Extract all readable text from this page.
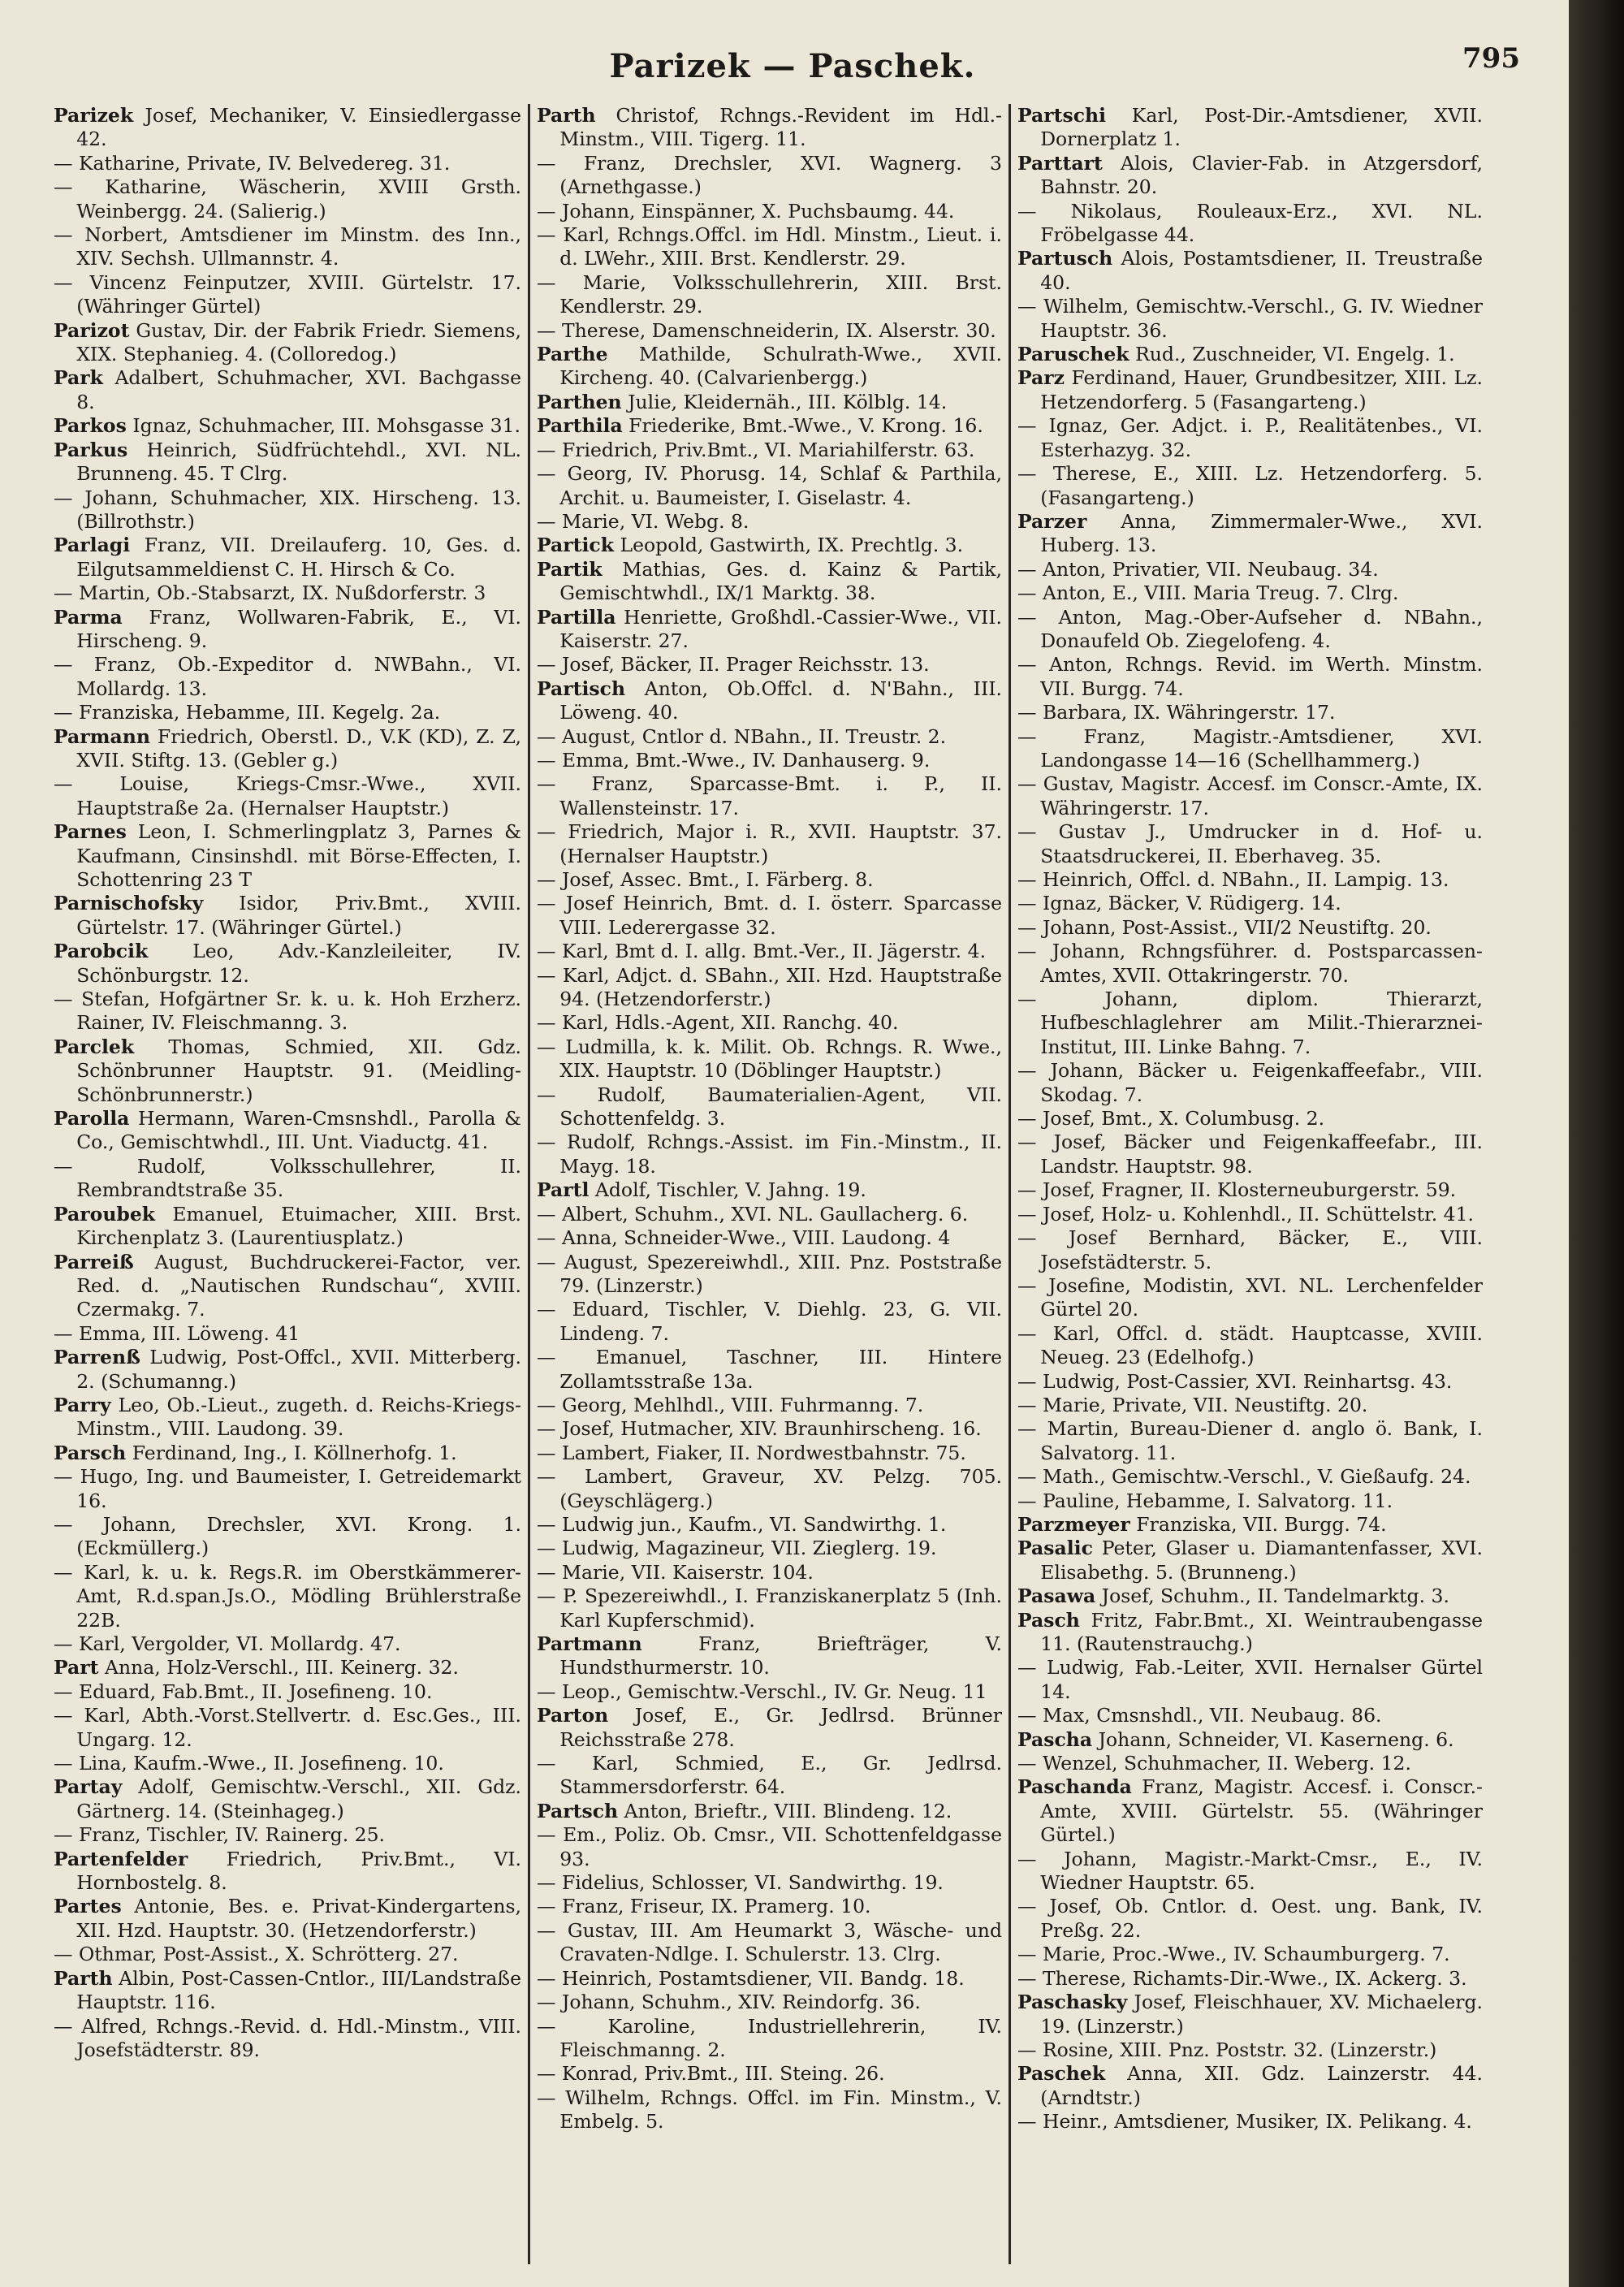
Parizek — Paschek.	795

Parizek Josef, Mechaniker, V. Einsiedlergasse 42.

— Katharine, Private, IV. Belvedereg. 31.

— Katharine, Wäscherin, XVIII Grsth. Weinbergg. 24. (Salierig.)

— Norbert, Amtsdiener im Minstm. des Inn., XIV. Sechsh. Ullmannstr. 4.

— Vincenz Feinputzer, XVIII. Gürtelstr. 17. (Währinger Gürtel)

Parizot Gustav, Dir. der Fabrik Friedr. Siemens, XIX. Stephanieg. 4. (Colloredog.)

Park Adalbert, Schuhmacher, XVI. Bachgasse 8.

Parkos Ignaz, Schuhmacher, III. Mohsgasse 31.

Parkus Heinrich, Südfrüchtehdl., XVI. NL. Brunneng. 45. T Clrg.

— Johann, Schuhmacher, XIX. Hirscheng. 13. (Billrothstr.)

Parlagi Franz, VII. Dreilauferg. 10, Ges. d. Eilgutsammeldienst C. H. Hirsch & Co.

— Martin, Ob.-Stabsarzt, IX. Nußdorferstr. 3

Parma Franz, Wollwaren-Fabrik, E., VI. Hirscheng. 9.

— Franz, Ob.-Expeditor d. NWBahn., VI. Mollardg. 13.

— Franziska, Hebamme, III. Kegelg. 2a.

Parmann Friedrich, Oberstl. D., V.K (KD), Z. Z, XVII. Stiftg. 13. (Gebler g.)

— Louise, Kriegs-Cmsr.-Wwe., XVII. Hauptstraße 2a. (Hernalser Hauptstr.)

Parnes Leon, I. Schmerlingplatz 3, Parnes & Kaufmann, Cinsinshdl. mit Börse-Effecten, I. Schottenring 23 T

Parnischofsky Isidor, Priv.Bmt., XVIII. Gürtelstr. 17. (Währinger Gürtel.)

Parobcik Leo, Adv.-Kanzleileiter, IV. Schönburgstr. 12.

— Stefan, Hofgärtner Sr. k. u. k. Hoh Erzherz. Rainer, IV. Fleischmanng. 3.

Parclek Thomas, Schmied, XII. Gdz. Schönbrunner Hauptstr. 91. (Meidling-Schönbrunnerstr.)

Parolla Hermann, Waren-Cmsnshdl., Parolla & Co., Gemischtwhdl., III. Unt. Viaductg. 41.

— Rudolf, Volksschullehrer, II. Rembrandtstraße 35.

Paroubek Emanuel, Etuimacher, XIII. Brst. Kirchenplatz 3. (Laurentiusplatz.)

Parreiß August, Buchdruckerei-Factor, ver. Red. d. „Nautischen Rundschau“, XVIII. Czermakg. 7.

— Emma, III. Löweng. 41

Parrenß Ludwig, Post-Offcl., XVII. Mitterberg. 2. (Schumanng.)

Parry Leo, Ob.-Lieut., zugeth. d. Reichs-Kriegs-Minstm., VIII. Laudong. 39.

Parsch Ferdinand, Ing., I. Köllnerhofg. 1.

— Hugo, Ing. und Baumeister, I. Getreidemarkt 16.

— Johann, Drechsler, XVI. Krong. 1. (Eckmüllerg.)

— Karl, k. u. k. Regs.R. im Oberstkämmerer-Amt, R.d.span.Js.O., Mödling Brühlerstraße 22B.

— Karl, Vergolder, VI. Mollardg. 47.

Part Anna, Holz-Verschl., III. Keinerg. 32.

— Eduard, Fab.Bmt., II. Josefineng. 10.

— Karl, Abth.-Vorst.Stellvertr. d. Esc.Ges., III. Ungarg. 12.

— Lina, Kaufm.-Wwe., II. Josefineng. 10.

Partay Adolf, Gemischtw.-Verschl., XII. Gdz. Gärtnerg. 14. (Steinhageg.)

— Franz, Tischler, IV. Rainerg. 25.

Partenfelder Friedrich, Priv.Bmt., VI. Hornbostelg. 8.

Partes Antonie, Bes. e. Privat-Kindergartens, XII. Hzd. Hauptstr. 30. (Hetzendorferstr.)

— Othmar, Post-Assist., X. Schrötterg. 27.

Parth Albin, Post-Cassen-Cntlor., III/Landstraße Hauptstr. 116.

— Alfred, Rchngs.-Revid. d. Hdl.-Minstm., VIII. Josefstädterstr. 89.

Parth Christof, Rchngs.-Revident im Hdl.-Minstm., VIII. Tigerg. 11.

— Franz, Drechsler, XVI. Wagnerg. 3 (Arnethgasse.)

— Johann, Einspänner, X. Puchsbaumg. 44.

— Karl, Rchngs.Offcl. im Hdl. Minstm., Lieut. i. d. LWehr., XIII. Brst. Kendlerstr. 29.

— Marie, Volksschullehrerin, XIII. Brst. Kendlerstr. 29.

— Therese, Damenschneiderin, IX. Alserstr. 30.

Parthe Mathilde, Schulrath-Wwe., XVII. Kircheng. 40. (Calvarienbergg.)

Parthen Julie, Kleidernäh., III. Kölblg. 14.

Parthila Friederike, Bmt.-Wwe., V. Krong. 16.

— Friedrich, Priv.Bmt., VI. Mariahilferstr. 63.

— Georg, IV. Phorusg. 14, Schlaf & Parthila, Archit. u. Baumeister, I. Giselastr. 4.

— Marie, VI. Webg. 8.

Partick Leopold, Gastwirth, IX. Prechtlg. 3.

Partik Mathias, Ges. d. Kainz & Partik, Gemischtwhdl., IX/1 Marktg. 38.

Partilla Henriette, Großhdl.-Cassier-Wwe., VII. Kaiserstr. 27.

— Josef, Bäcker, II. Prager Reichsstr. 13.

Partisch Anton, Ob.Offcl. d. N'Bahn., III. Löweng. 40.

— August, Cntlor d. NBahn., II. Treustr. 2.

— Emma, Bmt.-Wwe., IV. Danhauserg. 9.

— Franz, Sparcasse-Bmt. i. P., II. Wallensteinstr. 17.

— Friedrich, Major i. R., XVII. Hauptstr. 37. (Hernalser Hauptstr.)

— Josef, Assec. Bmt., I. Färberg. 8.

— Josef Heinrich, Bmt. d. I. österr. Sparcasse VIII. Lederergasse 32.

— Karl, Bmt d. I. allg. Bmt.-Ver., II. Jägerstr. 4.

— Karl, Adjct. d. SBahn., XII. Hzd. Hauptstraße 94. (Hetzendorferstr.)

— Karl, Hdls.-Agent, XII. Ranchg. 40.

— Ludmilla, k. k. Milit. Ob. Rchngs. R. Wwe., XIX. Hauptstr. 10 (Döblinger Hauptstr.)

— Rudolf, Baumaterialien-Agent, VII. Schottenfeldg. 3.

— Rudolf, Rchngs.-Assist. im Fin.-Minstm., II. Mayg. 18.

Partl Adolf, Tischler, V. Jahng. 19.

— Albert, Schuhm., XVI. NL. Gaullacherg. 6.

— Anna, Schneider-Wwe., VIII. Laudong. 4

— August, Spezereiwhdl., XIII. Pnz. Poststraße 79. (Linzerstr.)

— Eduard, Tischler, V. Diehlg. 23, G. VII. Lindeng. 7.

— Emanuel, Taschner, III. Hintere Zollamtsstraße 13a.

— Georg, Mehlhdl., VIII. Fuhrmanng. 7.

— Josef, Hutmacher, XIV. Braunhirscheng. 16.

— Lambert, Fiaker, II. Nordwestbahnstr. 75.

— Lambert, Graveur, XV. Pelzg. 705. (Geyschlägerg.)

— Ludwig jun., Kaufm., VI. Sandwirthg. 1.

— Ludwig, Magazineur, VII. Zieglerg. 19.

— Marie, VII. Kaiserstr. 104.

— P. Spezereiwhdl., I. Franziskanerplatz 5 (Inh. Karl Kupferschmid).

Partmann	Franz, Briefträger, V. Hundsthurmerstr. 10.

— Leop., Gemischtw.-Verschl., IV. Gr. Neug. 11

Parton Josef, E., Gr. Jedlrsd. Brünner Reichsstraße 278.

— Karl, Schmied, E., Gr. Jedlrsd. Stammersdorferstr. 64.

Partsch Anton, Brieftr., VIII. Blindeng. 12.

— Em., Poliz. Ob. Cmsr., VII. Schottenfeldgasse 93.

— Fidelius, Schlosser, VI. Sandwirthg. 19.

— Franz, Friseur, IX. Pramerg. 10.

— Gustav, III. Am Heumarkt 3, Wäsche- und Cravaten-Ndlge. I. Schulerstr. 13. Clrg.

— Heinrich, Postamtsdiener, VII. Bandg. 18.

— Johann, Schuhm., XIV. Reindorfg. 36.

— Karoline, Industriellehrerin, IV. Fleischmanng. 2.

— Konrad, Priv.Bmt., III. Steing. 26.

— Wilhelm, Rchngs. Offcl. im Fin. Minstm., V. Embelg. 5.

Partschi Karl, Post-Dir.-Amtsdiener, XVII. Dornerplatz 1.

Parttart Alois, Clavier-Fab. in Atzgersdorf, Bahnstr. 20.

— Nikolaus, Rouleaux-Erz., XVI. NL. Fröbelgasse 44.

Partusch Alois, Postamtsdiener, II. Treustraße 40.

— Wilhelm, Gemischtw.-Verschl., G. IV. Wiedner Hauptstr. 36.

Paruschek Rud., Zuschneider, VI. Engelg. 1.

Parz Ferdinand, Hauer, Grundbesitzer, XIII. Lz. Hetzendorferg. 5 (Fasangarteng.)

— Ignaz, Ger. Adjct. i. P., Realitätenbes., VI. Esterhazyg. 32.

— Therese, E., XIII. Lz. Hetzendorferg. 5. (Fasangarteng.)

Parzer Anna, Zimmermaler-Wwe., XVI. Huberg. 13.

— Anton, Privatier, VII. Neubaug. 34.

— Anton, E., VIII. Maria Treug. 7. Clrg.

— Anton, Mag.-Ober-Aufseher d. NBahn., Donaufeld Ob. Ziegelofeng. 4.

— Anton, Rchngs. Revid. im Werth. Minstm. VII. Burgg. 74.

— Barbara, IX. Währingerstr. 17.

— Franz, Magistr.-Amtsdiener, XVI. Landongasse 14—16 (Schellhammerg.)

— Gustav, Magistr. Accesf. im Conscr.-Amte, IX. Währingerstr. 17.

— Gustav J., Umdrucker in d. Hof- u. Staatsdruckerei, II. Eberhaveg. 35.

— Heinrich, Offcl. d. NBahn., II. Lampig. 13.

— Ignaz, Bäcker, V. Rüdigerg. 14.

— Johann, Post-Assist., VII/2 Neustiftg. 20.

— Johann, Rchngsführer. d. Postsparcassen-Amtes, XVII. Ottakringerstr. 70.

— Johann, diplom. Thierarzt, Hufbeschlaglehrer am Milit.-Thierarznei-Institut, III. Linke Bahng. 7.

— Johann, Bäcker u. Feigenkaffeefabr., VIII. Skodag. 7.

— Josef, Bmt., X. Columbusg. 2.

— Josef, Bäcker und Feigenkaffeefabr., III. Landstr. Hauptstr. 98.

— Josef, Fragner, II. Klosterneuburgerstr. 59.

— Josef, Holz- u. Kohlenhdl., II. Schüttelstr. 41.

— Josef Bernhard, Bäcker, E., VIII. Josefstädterstr. 5.

— Josefine, Modistin, XVI. NL. Lerchenfelder Gürtel 20.

— Karl, Offcl. d. städt. Hauptcasse, XVIII. Neueg. 23 (Edelhofg.)

— Ludwig, Post-Cassier, XVI. Reinhartsg. 43.

— Marie, Private, VII. Neustiftg. 20.

— Martin, Bureau-Diener d. anglo ö. Bank, I. Salvatorg. 11.

— Math., Gemischtw.-Verschl., V. Gießaufg. 24.

— Pauline, Hebamme, I. Salvatorg. 11.

Parzmeyer Franziska, VII. Burgg. 74.

Pasalic Peter, Glaser u. Diamantenfasser, XVI. Elisabethg. 5. (Brunneng.)

Pasawa Josef, Schuhm., II. Tandelmarktg. 3.

Pasch Fritz, Fabr.Bmt., XI. Weintraubengasse 11. (Rautenstrauchg.)

— Ludwig, Fab.-Leiter, XVII. Hernalser Gürtel 14.

— Max, Cmsnshdl., VII. Neubaug. 86.

Pascha Johann, Schneider, VI. Kaserneng. 6.

— Wenzel, Schuhmacher, II. Weberg. 12.

Paschanda Franz, Magistr. Accesf. i. Conscr.-Amte, XVIII. Gürtelstr. 55. (Währinger Gürtel.)

— Johann, Magistr.-Markt-Cmsr., E., IV. Wiedner Hauptstr. 65.

— Josef, Ob. Cntlor. d. Oest. ung. Bank, IV. Preßg. 22.

— Marie, Proc.-Wwe., IV. Schaumburgerg. 7.

— Therese, Richamts-Dir.-Wwe., IX. Ackerg. 3.

Paschasky Josef, Fleischhauer, XV. Michaelerg. 19. (Linzerstr.)

— Rosine, XIII. Pnz. Poststr. 32. (Linzerstr.)

Paschek Anna, XII. Gdz. Lainzerstr. 44. (Arndtstr.)

— Heinr., Amtsdiener, Musiker, IX. Pelikang. 4.
